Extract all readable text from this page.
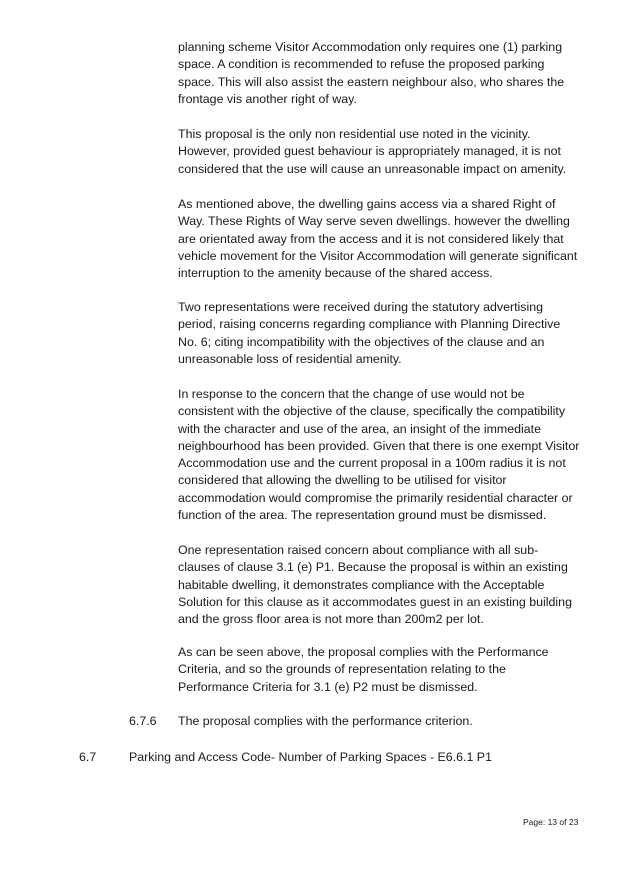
planning scheme Visitor Accommodation only requires one (1) parking space. A condition is recommended to refuse the proposed parking space. This will also assist the eastern neighbour also, who shares the frontage vis another right of way.

This proposal is the only non residential use noted in the vicinity. However, provided guest behaviour is appropriately managed, it is not considered that the use will cause an unreasonable impact on amenity.

As mentioned above, the dwelling gains access via a shared Right of Way. These Rights of Way serve seven dwellings. however the dwelling are orientated away from the access and it is not considered likely that vehicle movement for the Visitor Accommodation will generate significant interruption to the amenity because of the shared access.

Two representations were received during the statutory advertising period, raising concerns regarding compliance with Planning Directive No. 6; citing incompatibility with the objectives of the clause and an unreasonable loss of residential amenity.

In response to the concern that the change of use would not be consistent with the objective of the clause, specifically the compatibility with the character and use of the area, an insight of the immediate neighbourhood has been provided. Given that there is one exempt Visitor Accommodation use and the current proposal in a 100m radius it is not considered that allowing the dwelling to be utilised for visitor accommodation would compromise the primarily residential character or function of the area. The representation ground must be dismissed.

One representation raised concern about compliance with all sub-clauses of clause 3.1 (e) P1. Because the proposal is within an existing habitable dwelling, it demonstrates compliance with the Acceptable Solution for this clause as it accommodates guest in an existing building and the gross floor area is not more than 200m2 per lot.

As can be seen above, the proposal complies with the Performance Criteria, and so the grounds of representation relating to the Performance Criteria for 3.1 (e) P2 must be dismissed.

6.7.6 The proposal complies with the performance criterion.
6.7	Parking and Access Code- Number of Parking Spaces - E6.6.1 P1
Page: 13 of 23
